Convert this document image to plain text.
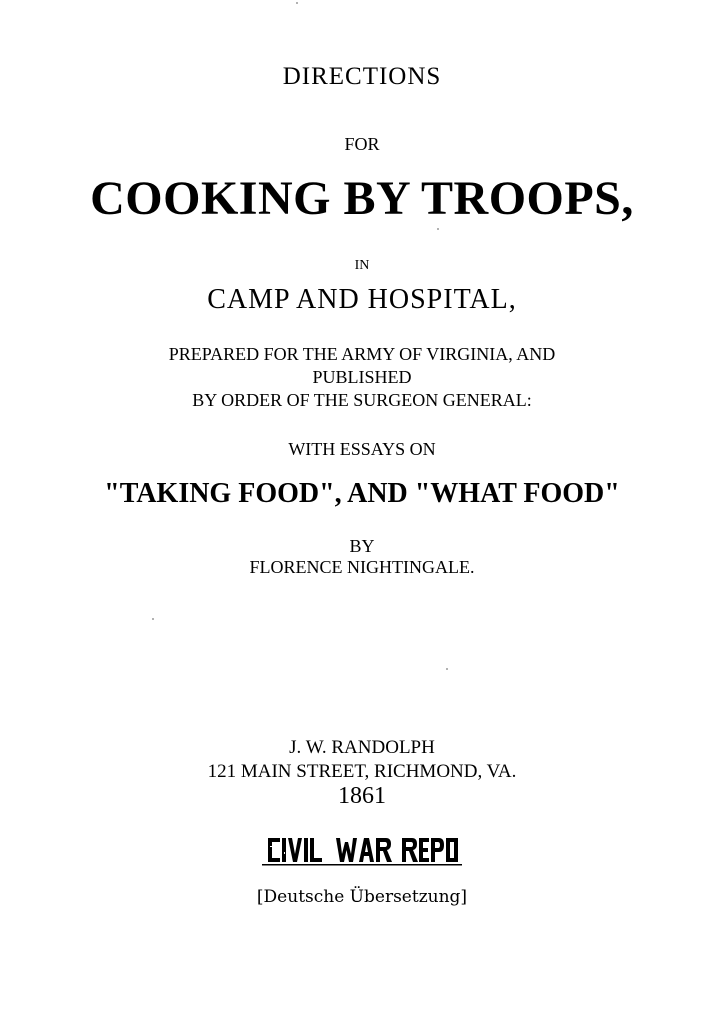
DIRECTIONS
FOR
COOKING BY TROOPS,
IN
CAMP AND HOSPITAL,
PREPARED FOR THE ARMY OF VIRGINIA, AND
PUBLISHED
BY ORDER OF THE SURGEON GENERAL:
WITH ESSAYS ON
"TAKING FOOD", AND "WHAT FOOD"
BY
FLORENCE NIGHTINGALE.
J. W. RANDOLPH
121 MAIN STREET, RICHMOND, VA.
1861
[Deutsche Übersetzung]
